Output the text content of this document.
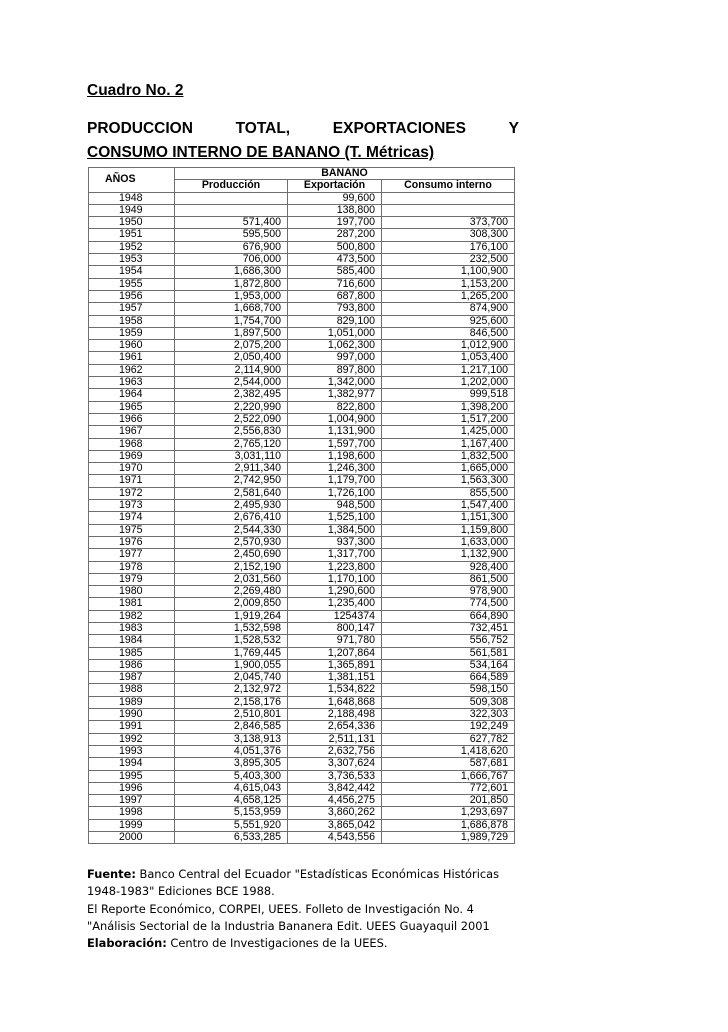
Cuadro No. 2
PRODUCCION	TOTAL,	EXPORTACIONES	Y
CONSUMO INTERNO DE BANANO (T. Métricas)
AÑOS	BANANO		
	Producción	Exportación	Consumo interno
1948		99,600	
1949		138,800	
1950	571,400	197,700	373,700
1951	595,500	287,200	308,300
1952	676,900	500,800	176,100
1953	706,000	473,500	232,500
1954	1,686,300	585,400	1,100,900
1955	1,872,800	716,600	1,153,200
1956	1,953,000	687,800	1,265,200
1957	1,668,700	793,800	874,900
1958	1,754,700	829,100	925,600
1959	1,897,500	1,051,000	846,500
1960	2,075,200	1,062,300	1,012,900
1961	2,050,400	997,000	1,053,400
1962	2,114,900	897,800	1,217,100
1963	2,544,000	1,342,000	1,202,000
1964	2,382,495	1,382,977	999,518
1965	2,220,990	822,800	1,398,200
1966	2,522,090	1,004,900	1,517,200
1967	2,556,830	1,131,900	1,425,000
1968	2,765,120	1,597,700	1,167,400
1969	3,031,110	1,198,600	1,832,500
1970	2,911,340	1,246,300	1,665,000
1971	2,742,950	1,179,700	1,563,300
1972	2,581,640	1,726,100	855,500
1973	2,495,930	948,500	1,547,400
1974	2,676,410	1,525,100	1,151,300
1975	2,544,330	1,384,500	1,159,800
1976	2,570,930	937,300	1,633,000
1977	2,450,690	1,317,700	1,132,900
1978	2,152,190	1,223,800	928,400
1979	2,031,560	1,170,100	861,500
1980	2,269,480	1,290,600	978,900
1981	2,009,850	1,235,400	774,500
1982	1,919,264	1254374	664,890
1983	1,532,598	800,147	732,451
1984	1,528,532	971,780	556,752
1985	1,769,445	1,207,864	561,581
1986	1,900,055	1,365,891	534,164
1987	2,045,740	1,381,151	664,589
1988	2,132,972	1,534,822	598,150
1989	2,158,176	1,648,868	509,308
1990	2,510,801	2,188,498	322,303
1991	2,846,585	2,654,336	192,249
1992	3,138,913	2,511,131	627,782
1993	4,051,376	2,632,756	1,418,620
1994	3,895,305	3,307,624	587,681
1995	5,403,300	3,736,533	1,666,767
1996	4,615,043	3,842,442	772,601
1997	4,658,125	4,456,275	201,850
1998	5,153,959	3,860,262	1,293,697
1999	5,551,920	3,865,042	1,686,878
2000	6,533,285	4,543,556	1,989,729

Fuente: Banco Central del Ecuador "Estadísticas Económicas Históricas

1948-1983" Ediciones BCE 1988.

El Reporte Económico, CORPEI, UEES. Folleto de Investigación No. 4

"Análisis Sectorial de la Industria Bananera Edit. UEES Guayaquil 2001

Elaboración: Centro de Investigaciones de la UEES.
